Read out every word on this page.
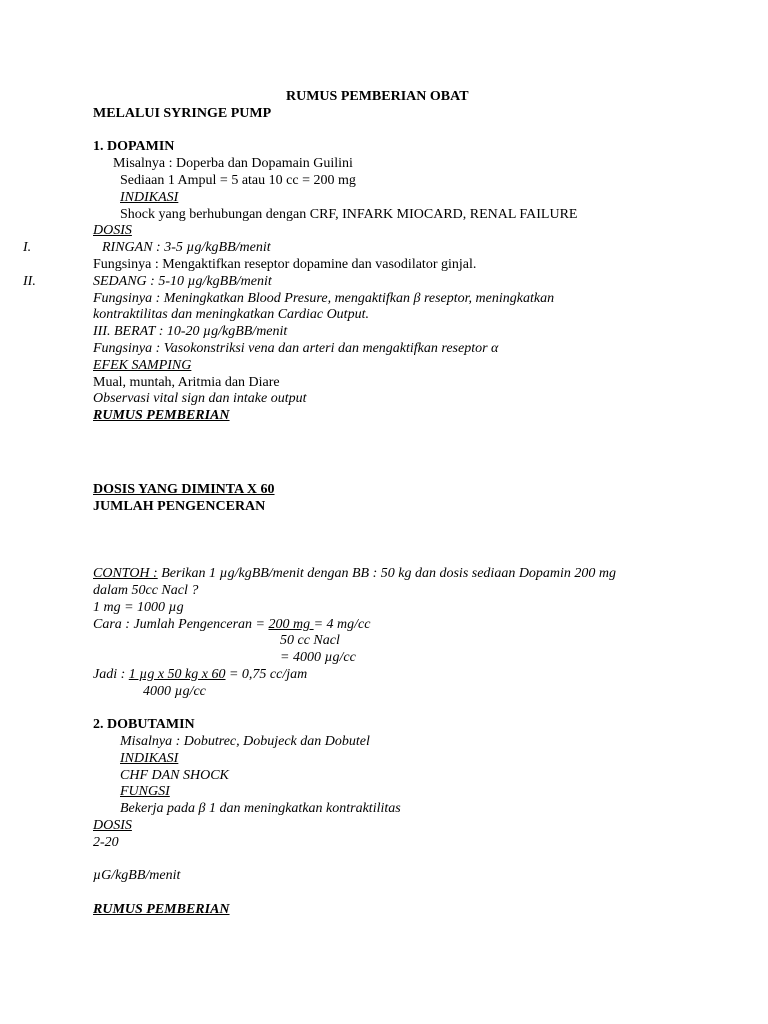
RUMUS PEMBERIAN OBAT
MELALUI SYRINGE PUMP
1. DOPAMIN
Misalnya : Doperba dan Dopamain Guilini
Sediaan 1 Ampul = 5 atau 10 cc = 200 mg
INDIKASI
Shock yang berhubungan dengan CRF, INFARK MIOCARD, RENAL FAILURE
DOSIS
I.	RINGAN : 3-5 µg/kgBB/menit
Fungsinya : Mengaktifkan reseptor dopamine dan vasodilator ginjal.
II.	SEDANG : 5-10 µg/kgBB/menit
Fungsinya : Meningkatkan Blood Presure, mengaktifkan β reseptor, meningkatkan
kontraktilitas dan meningkatkan Cardiac Output.
III. BERAT : 10-20 µg/kgBB/menit
Fungsinya : Vasokonstriksi vena dan arteri dan mengaktifkan reseptor α
EFEK SAMPING
Mual, muntah, Aritmia dan Diare
Observasi vital sign dan intake output
RUMUS PEMBERIAN
DOSIS YANG DIMINTA X 60
JUMLAH PENGENCERAN
CONTOH : Berikan 1 µg/kgBB/menit dengan BB : 50 kg dan dosis sediaan Dopamin 200 mg
dalam 50cc Nacl ?
1 mg = 1000 µg
Cara : Jumlah Pengenceran = 200 mg = 4 mg/cc
50 cc Nacl
= 4000 µg/cc
Jadi : 1 µg x 50 kg x 60 = 0,75 cc/jam
4000 µg/cc
2. DOBUTAMIN
Misalnya : Dobutrec, Dobujeck dan Dobutel
INDIKASI
CHF DAN SHOCK
FUNGSI
Bekerja pada β 1 dan meningkatkan kontraktilitas
DOSIS
2-20
µG/kgBB/menit
RUMUS PEMBERIAN
